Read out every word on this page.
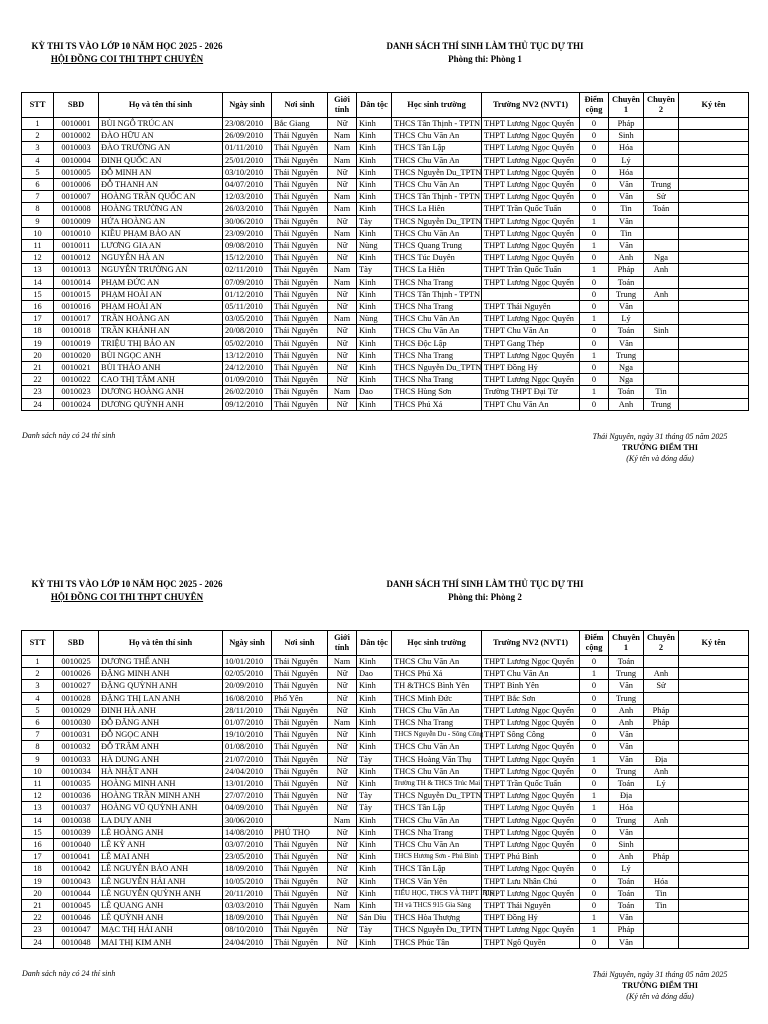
KỲ THI TS VÀO LỚP 10 NĂM HỌC 2025 - 2026
HỘI ĐỒNG COI THI THPT CHUYÊN
DANH SÁCH THÍ SINH LÀM THỦ TỤC DỰ THI
Phòng thi: Phòng 1
STT	SBD	Họ và tên thí sinh	Ngày sinh	Nơi sinh	Giới tính	Dân tộc	Học sinh trường	Trường NV2 (NVT1)	Điểm cộng	Chuyên 1	Chuyên 2	Ký tên
1	0010001	BÙI NGÔ TRÚC AN	23/08/2010	Bắc Giang	Nữ	Kinh	THCS Tân Thịnh - TPTN	THPT Lương Ngọc Quyến	0	Pháp		
2	0010002	ĐÀO HỮU AN	26/09/2010	Thái Nguyên	Nam	Kinh	THCS Chu Văn An	THPT Lương Ngọc Quyến	0	Sinh		
3	0010003	ĐÀO TRƯỜNG AN	01/11/2010	Thái Nguyên	Nam	Kinh	THCS Tân Lập	THPT Lương Ngọc Quyến	0	Hóa		
4	0010004	ĐINH QUỐC AN	25/01/2010	Thái Nguyên	Nam	Kinh	THCS Chu Văn An	THPT Lương Ngọc Quyến	0	Lý		
5	0010005	ĐỖ MINH AN	03/10/2010	Thái Nguyên	Nữ	Kinh	THCS Nguyễn Du_TPTN	THPT Lương Ngọc Quyến	0	Hóa		
6	0010006	ĐỖ THANH AN	04/07/2010	Thái Nguyên	Nữ	Kinh	THCS Chu Văn An	THPT Lương Ngọc Quyến	0	Văn	Trung	
7	0010007	HOÀNG TRẦN QUỐC AN	12/03/2010	Thái Nguyên	Nam	Kinh	THCS Tân Thịnh - TPTN	THPT Lương Ngọc Quyến	0	Văn	Sử	
8	0010008	HOÀNG TRƯỜNG AN	26/03/2010	Thái Nguyên	Nam	Kinh	THCS La Hiên	THPT Trần Quốc Tuấn	0	Tin	Toán	
9	0010009	HỨA HOÀNG AN	30/06/2010	Thái Nguyên	Nữ	Tày	THCS Nguyễn Du_TPTN	THPT Lương Ngọc Quyến	1	Văn		
10	0010010	KIỀU PHẠM BẢO AN	23/09/2010	Thái Nguyên	Nam	Kinh	THCS Chu Văn An	THPT Lương Ngọc Quyến	0	Tin		
11	0010011	LƯƠNG GIA AN	09/08/2010	Thái Nguyên	Nữ	Nùng	THCS Quang Trung	THPT Lương Ngọc Quyến	1	Văn		
12	0010012	NGUYỄN HÀ AN	15/12/2010	Thái Nguyên	Nữ	Kinh	THCS Túc Duyên	THPT Lương Ngọc Quyến	0	Anh	Nga	
13	0010013	NGUYỄN TRƯỜNG AN	02/11/2010	Thái Nguyên	Nam	Tày	THCS La Hiên	THPT Trần Quốc Tuấn	1	Pháp	Anh	
14	0010014	PHẠM ĐỨC AN	07/09/2010	Thái Nguyên	Nam	Kinh	THCS Nha Trang	THPT Lương Ngọc Quyến	0	Toán		
15	0010015	PHẠM HOÀI AN	01/12/2010	Thái Nguyên	Nữ	Kinh	THCS Tân Thịnh - TPTN		0	Trung	Anh	
16	0010016	PHẠM HOÀI AN	05/11/2010	Thái Nguyên	Nữ	Kinh	THCS Nha Trang	THPT Thái Nguyên	0	Văn		
17	0010017	TRẦN HOÀNG AN	03/05/2010	Thái Nguyên	Nam	Nùng	THCS Chu Văn An	THPT Lương Ngọc Quyến	1	Lý		
18	0010018	TRẦN KHÁNH AN	20/08/2010	Thái Nguyên	Nữ	Kinh	THCS Chu Văn An	THPT Chu Văn An	0	Toán	Sinh	
19	0010019	TRIỆU THỊ BẢO AN	05/02/2010	Thái Nguyên	Nữ	Kinh	THCS Độc Lập	THPT Gang Thép	0	Văn		
20	0010020	BÙI NGỌC ANH	13/12/2010	Thái Nguyên	Nữ	Kinh	THCS Nha Trang	THPT Lương Ngọc Quyến	1	Trung		
21	0010021	BÙI THẢO ANH	24/12/2010	Thái Nguyên	Nữ	Kinh	THCS Nguyễn Du_TPTN	THPT Đồng Hỷ	0	Nga		
22	0010022	CAO THỊ TÂM ANH	01/09/2010	Thái Nguyên	Nữ	Kinh	THCS Nha Trang	THPT Lương Ngọc Quyến	0	Nga		
23	0010023	DƯƠNG HOÀNG ANH	26/02/2010	Thái Nguyên	Nam	Dao	THCS Hùng Sơn	Trường THPT Đại Từ	1	Toán	Tin	
24	0010024	DƯƠNG QUỲNH ANH	09/12/2010	Thái Nguyên	Nữ	Kinh	THCS Phú Xá	THPT Chu Văn An	0	Anh	Trung	
Danh sách này có 24 thí sinh	Thái Nguyên, ngày 31 tháng 05 năm 2025
TRƯỞNG ĐIỂM THI
(Ký tên và đóng dấu)
KỲ THI TS VÀO LỚP 10 NĂM HỌC 2025 - 2026
HỘI ĐỒNG COI THI THPT CHUYÊN
DANH SÁCH THÍ SINH LÀM THỦ TỤC DỰ THI
Phòng thi: Phòng 2
STT	SBD	Họ và tên thí sinh	Ngày sinh	Nơi sinh	Giới tính	Dân tộc	Học sinh trường	Trường NV2 (NVT1)	Điểm cộng	Chuyên 1	Chuyên 2	Ký tên
1	0010025	DƯƠNG THẾ ANH	10/01/2010	Thái Nguyên	Nam	Kinh	THCS Chu Văn An	THPT Lương Ngọc Quyến	0	Toán		
2	0010026	ĐẶNG MINH ANH	02/05/2010	Thái Nguyên	Nữ	Dao	THCS Phú Xá	THPT Chu Văn An	1	Trung	Anh	
3	0010027	ĐẶNG QUỲNH ANH	20/09/2010	Thái Nguyên	Nữ	Kinh	TH &THCS Bình Yên	THPT Bình Yên	0	Văn	Sử	
4	0010028	ĐẶNG THỊ LAN ANH	16/08/2010	Phổ Yên	Nữ	Kinh	THCS Minh Đức	THPT Bắc Sơn	0	Trung		
5	0010029	ĐINH HÀ ANH	28/11/2010	Thái Nguyên	Nữ	Kinh	THCS Chu Văn An	THPT Lương Ngọc Quyến	0	Anh	Pháp	
6	0010030	ĐỖ ĐĂNG ANH	01/07/2010	Thái Nguyên	Nam	Kinh	THCS Nha Trang	THPT Lương Ngọc Quyến	0	Anh	Pháp	
7	0010031	ĐỖ NGỌC ANH	19/10/2010	Thái Nguyên	Nữ	Kinh	THCS Nguyễn Du - Sông Công	THPT Sông Công	0	Văn		
8	0010032	ĐỖ TRÂM ANH	01/08/2010	Thái Nguyên	Nữ	Kinh	THCS Chu Văn An	THPT Lương Ngọc Quyến	0	Văn		
9	0010033	HÀ DUNG ANH	21/07/2010	Thái Nguyên	Nữ	Tày	THCS Hoàng Văn Thụ	THPT Lương Ngọc Quyến	1	Văn	Địa	
10	0010034	HÀ NHẬT ANH	24/04/2010	Thái Nguyên	Nữ	Kinh	THCS Chu Văn An	THPT Lương Ngọc Quyến	0	Trung	Anh	
11	0010035	HOÀNG MINH ANH	13/01/2010	Thái Nguyên	Nữ	Kinh	Trường TH & THCS Trúc Mai	THPT Trần Quốc Tuấn	0	Toán	Lý	
12	0010036	HOÀNG TRẦN MINH ANH	27/07/2010	Thái Nguyên	Nữ	Tày	THCS Nguyễn Du_TPTN	THPT Lương Ngọc Quyến	1	Địa		
13	0010037	HOÀNG VŨ QUỲNH ANH	04/09/2010	Thái Nguyên	Nữ	Tày	THCS Tân Lập	THPT Lương Ngọc Quyến	1	Hóa		
14	0010038	LA DUY ANH	30/06/2010		Nam	Kinh	THCS Chu Văn An	THPT Lương Ngọc Quyến	0	Trung	Anh	
15	0010039	LÊ HOÀNG ANH	14/08/2010	PHÚ THỌ	Nữ	Kinh	THCS Nha Trang	THPT Lương Ngọc Quyến	0	Văn		
16	0010040	LÊ KỲ ANH	03/07/2010	Thái Nguyên	Nữ	Kinh	THCS Chu Văn An	THPT Lương Ngọc Quyến	0	Sinh		
17	0010041	LÊ MAI ANH	23/05/2010	Thái Nguyên	Nữ	Kinh	THCS Hương Sơn - Phú Bình	THPT Phú Bình	0	Anh	Pháp	
18	0010042	LÊ NGUYỄN BẢO ANH	18/09/2010	Thái Nguyên	Nữ	Kinh	THCS Tân Lập	THPT Lương Ngọc Quyến	0	Lý		
19	0010043	LÊ NGUYỄN HẢI ANH	10/05/2010	Thái Nguyên	Nữ	Kinh	THCS Văn Yên	THPT Lưu Nhân Chú	0	Toán	Hóa	
20	0010044	LÊ NGUYỄN QUỲNH ANH	20/11/2010	Thái Nguyên	Nữ	Kinh	TIỂU HỌC, THCS VÀ THPT IRIS	THPT Lương Ngọc Quyến	0	Toán	Tin	
21	0010045	LÊ QUANG ANH	03/03/2010	Thái Nguyên	Nam	Kinh	TH và THCS 915 Gia Sàng	THPT Thái Nguyên	0	Toán	Tin	
22	0010046	LÊ QUỲNH ANH	18/09/2010	Thái Nguyên	Nữ	Sán Dìu	THCS Hòa Thượng	THPT Đồng Hỷ	1	Văn		
23	0010047	MẠC THỊ HẢI ANH	08/10/2010	Thái Nguyên	Nữ	Tày	THCS Nguyễn Du_TPTN	THPT Lương Ngọc Quyến	1	Pháp		
24	0010048	MAI THỊ KIM ANH	24/04/2010	Thái Nguyên	Nữ	Kinh	THCS Phúc Tân	THPT Ngô Quyền	0	Văn		
Danh sách này có 24 thí sinh	Thái Nguyên, ngày 31 tháng 05 năm 2025
TRƯỞNG ĐIỂM THI
(Ký tên và đóng dấu)
